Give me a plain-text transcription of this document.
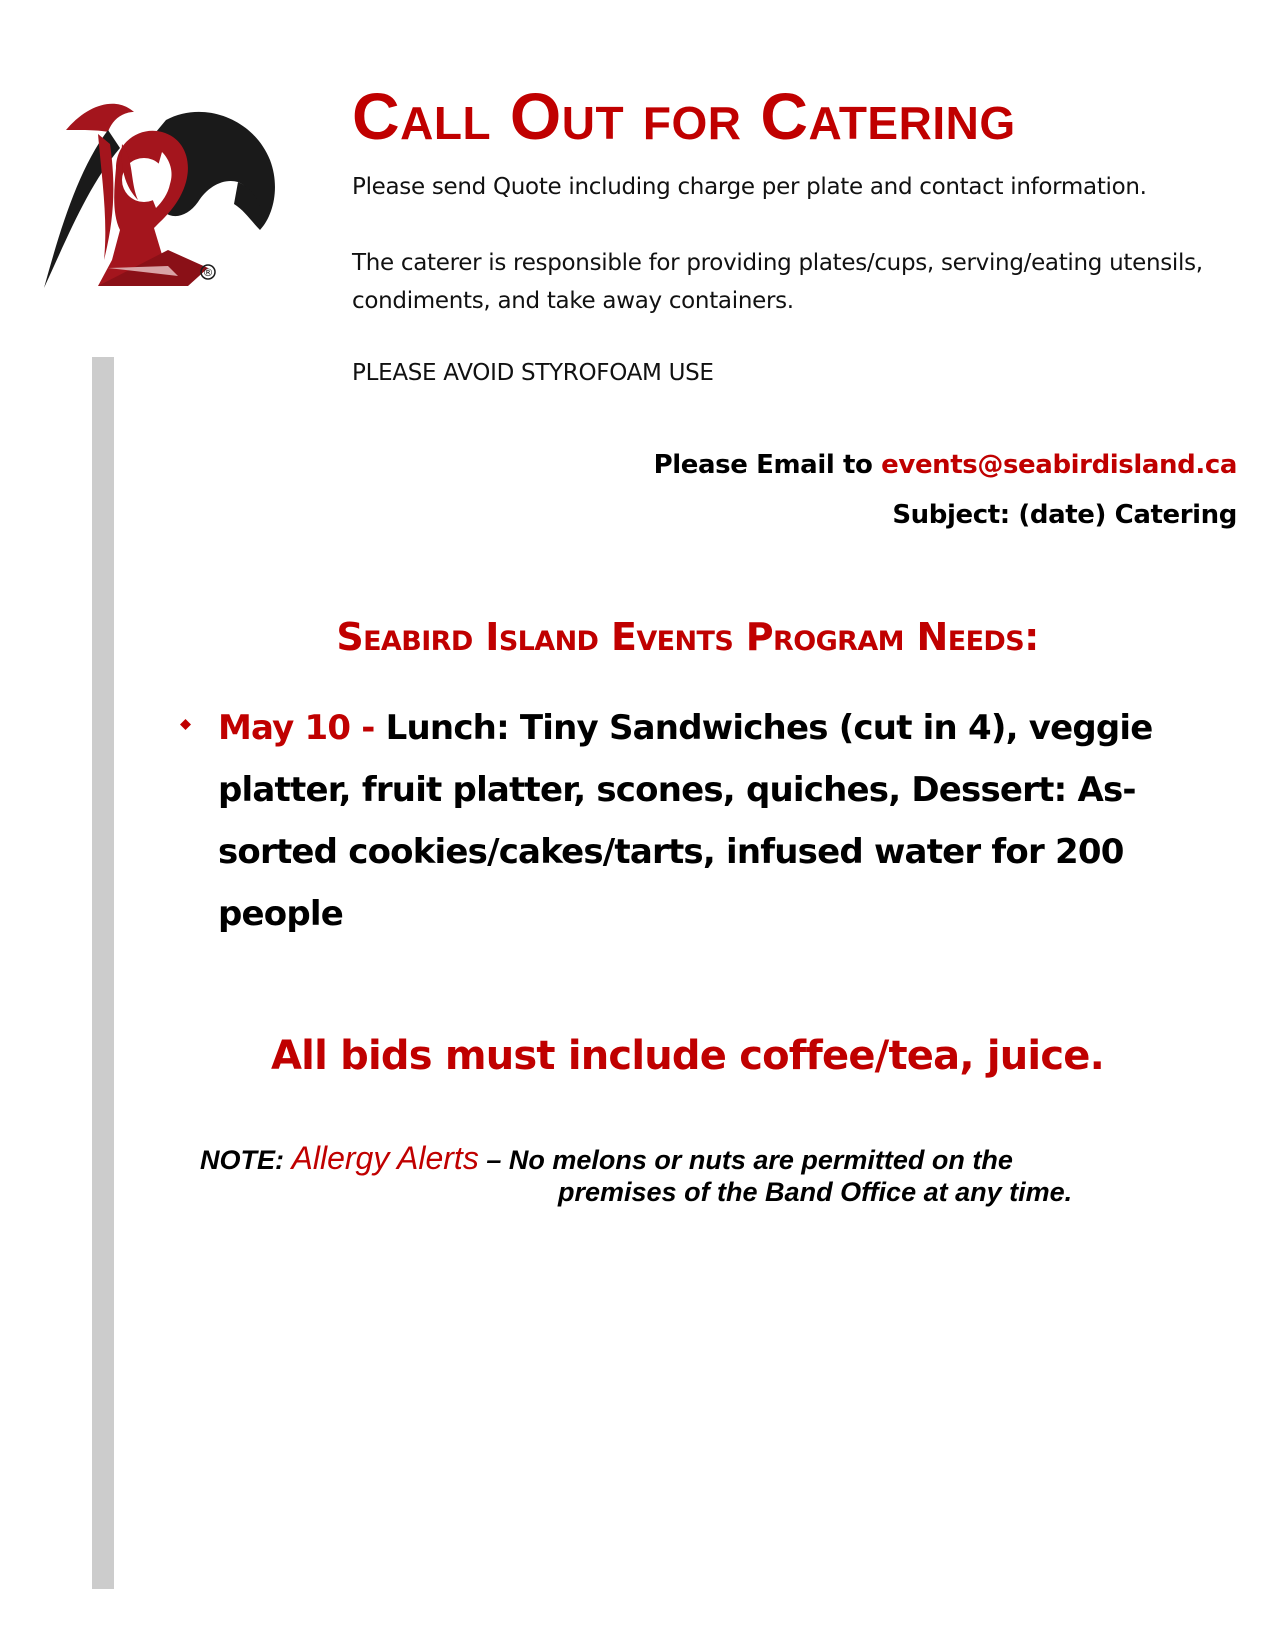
®
Call Out for Catering

Please send Quote including charge per plate and contact information.

The caterer is responsible for providing plates/cups, serving/eating utensils, condiments, and take away containers.

PLEASE AVOID STYROFOAM USE

Please Email to events@seabirdisland.ca
Subject: (date) Catering
Seabird Island Events Program Needs:
May 10 - Lunch: Tiny Sandwiches (cut in 4), veggie platter, fruit platter, scones, quiches, Dessert: As-sorted cookies/cakes/tarts, infused water for 200 people

All bids must include coffee/tea, juice.

NOTE: Allergy Alerts – No melons or nuts are permitted on the
premises of the Band Office at any time.
